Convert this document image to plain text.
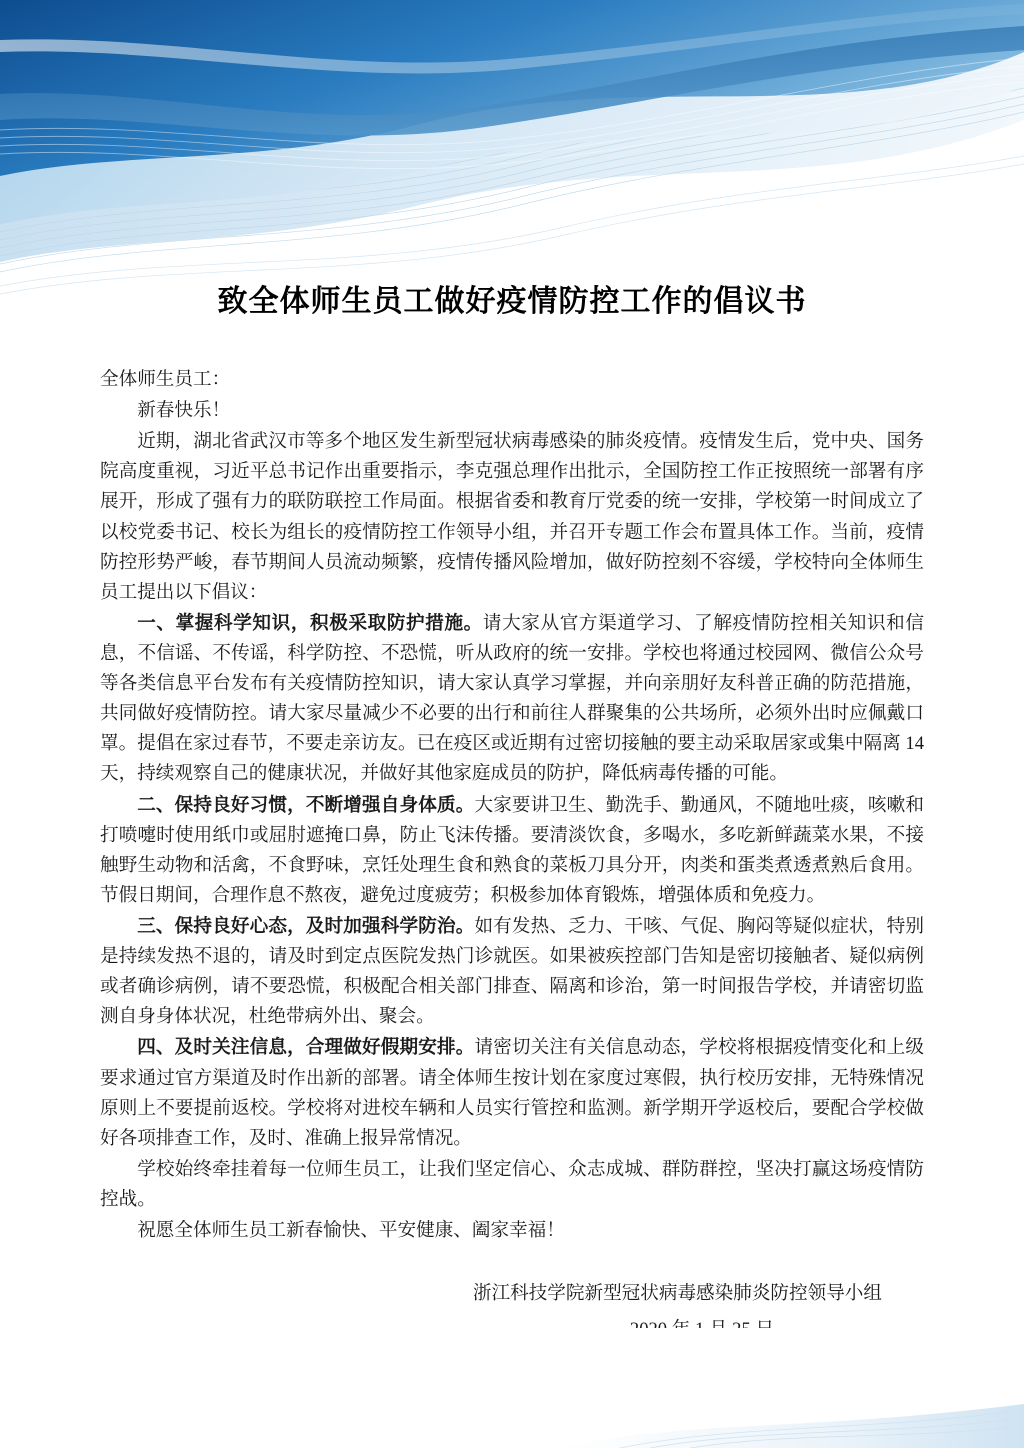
致全体师生员工做好疫情防控工作的倡议书

全体师生员工：

新春快乐！

近期，湖北省武汉市等多个地区发生新型冠状病毒感染的肺炎疫情。疫情发生后，党中央、国务院高度重视，习近平总书记作出重要指示，李克强总理作出批示，全国防控工作正按照统一部署有序展开，形成了强有力的联防联控工作局面。根据省委和教育厅党委的统一安排，学校第一时间成立了以校党委书记、校长为组长的疫情防控工作领导小组，并召开专题工作会布置具体工作。当前，疫情防控形势严峻，春节期间人员流动频繁，疫情传播风险增加，做好防控刻不容缓，学校特向全体师生员工提出以下倡议：

一、掌握科学知识，积极采取防护措施。请大家从官方渠道学习、了解疫情防控相关知识和信息，不信谣、不传谣，科学防控、不恐慌，听从政府的统一安排。学校也将通过校园网、微信公众号等各类信息平台发布有关疫情防控知识，请大家认真学习掌握，并向亲朋好友科普正确的防范措施，共同做好疫情防控。请大家尽量减少不必要的出行和前往人群聚集的公共场所，必须外出时应佩戴口罩。提倡在家过春节，不要走亲访友。已在疫区或近期有过密切接触的要主动采取居家或集中隔离 14 天，持续观察自己的健康状况，并做好其他家庭成员的防护，降低病毒传播的可能。

二、保持良好习惯，不断增强自身体质。大家要讲卫生、勤洗手、勤通风，不随地吐痰，咳嗽和打喷嚏时使用纸巾或屈肘遮掩口鼻，防止飞沫传播。要清淡饮食，多喝水，多吃新鲜蔬菜水果，不接触野生动物和活禽，不食野味，烹饪处理生食和熟食的菜板刀具分开，肉类和蛋类煮透煮熟后食用。节假日期间，合理作息不熬夜，避免过度疲劳；积极参加体育锻炼，增强体质和免疫力。

三、保持良好心态，及时加强科学防治。如有发热、乏力、干咳、气促、胸闷等疑似症状，特别是持续发热不退的，请及时到定点医院发热门诊就医。如果被疾控部门告知是密切接触者、疑似病例或者确诊病例，请不要恐慌，积极配合相关部门排查、隔离和诊治，第一时间报告学校，并请密切监测自身身体状况，杜绝带病外出、聚会。

四、及时关注信息，合理做好假期安排。请密切关注有关信息动态，学校将根据疫情变化和上级要求通过官方渠道及时作出新的部署。请全体师生按计划在家度过寒假，执行校历安排，无特殊情况原则上不要提前返校。学校将对进校车辆和人员实行管控和监测。新学期开学返校后，要配合学校做好各项排查工作，及时、准确上报异常情况。

学校始终牵挂着每一位师生员工，让我们坚定信心、众志成城、群防群控，坚决打赢这场疫情防控战。

祝愿全体师生员工新春愉快、平安健康、阖家幸福！

浙江科技学院新型冠状病毒感染肺炎防控领导小组
